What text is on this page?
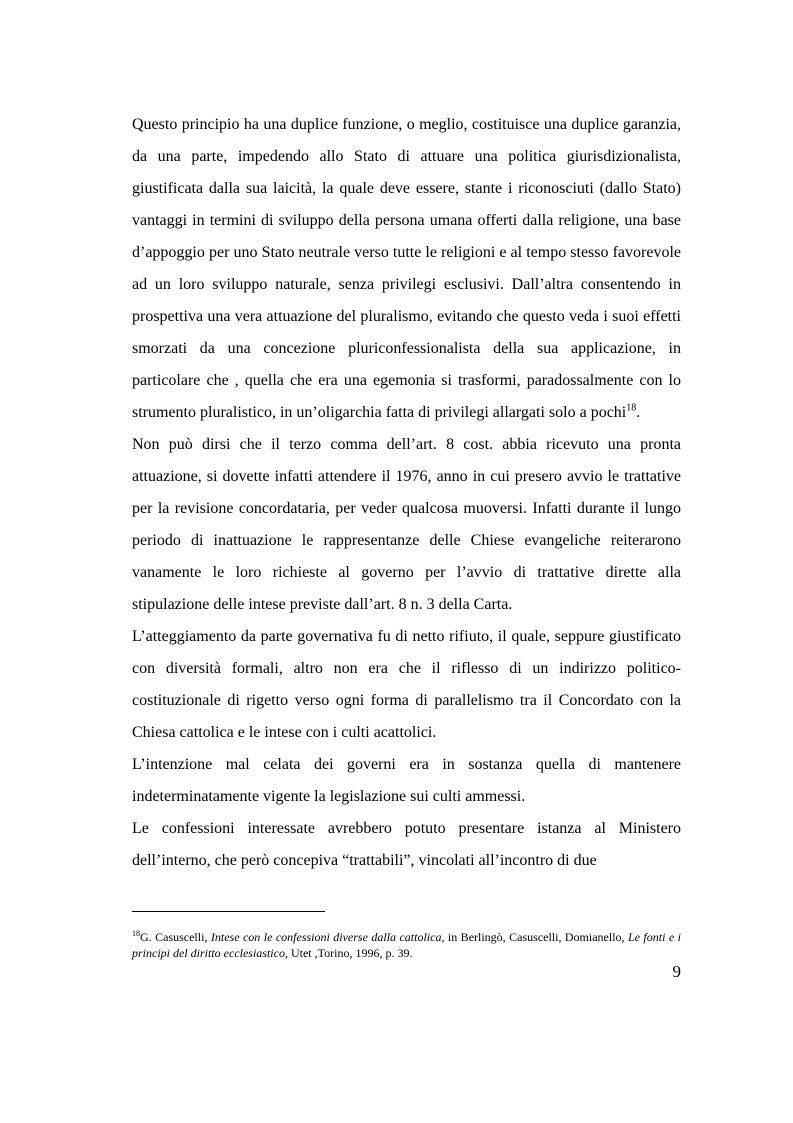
Questo principio ha una duplice funzione, o meglio, costituisce una duplice garanzia, da una parte, impedendo allo Stato di attuare una politica giurisdizionalista, giustificata dalla sua laicità, la quale deve essere, stante i riconosciuti (dallo Stato) vantaggi in termini di sviluppo della persona umana offerti dalla religione, una base d’appoggio per uno Stato neutrale verso tutte le religioni e al tempo stesso favorevole ad un loro sviluppo naturale, senza privilegi esclusivi. Dall’altra consentendo in prospettiva una vera attuazione del pluralismo, evitando che questo veda i suoi effetti smorzati da una concezione pluriconfessionalista della sua applicazione, in particolare che , quella che era una egemonia si trasformi, paradossalmente con lo strumento pluralistico, in un’oligarchia fatta di privilegi allargati solo a pochi$^{18}$.

Non può dirsi che il terzo comma dell’art. 8 cost. abbia ricevuto una pronta attuazione, si dovette infatti attendere il 1976, anno in cui presero avvio le trattative per la revisione concordataria, per veder qualcosa muoversi. Infatti durante il lungo periodo di inattuazione le rappresentanze delle Chiese evangeliche reiterarono vanamente le loro richieste al governo per l’avvio di trattative dirette alla stipulazione delle intese previste dall’art. 8 n. 3 della Carta.

L’atteggiamento da parte governativa fu di netto rifiuto, il quale, seppure giustificato con diversità formali, altro non era che il riflesso di un indirizzo politico-costituzionale di rigetto verso ogni forma di parallelismo tra il Concordato con la Chiesa cattolica e le intese con i culti acattolici.

L’intenzione mal celata dei governi era in sostanza quella di mantenere indeterminatamente vigente la legislazione sui culti ammessi.

Le confessioni interessate avrebbero potuto presentare istanza al Ministero dell’interno, che però concepiva “trattabili”, vincolati all’incontro di due

$^{18}$G. Casuscelli, Intese con le confessioni diverse dalla cattolica, in Berlingò, Casuscelli, Domianello, Le fonti e i principi del diritto ecclesiastico, Utet ,Torino, 1996, p. 39.
9
